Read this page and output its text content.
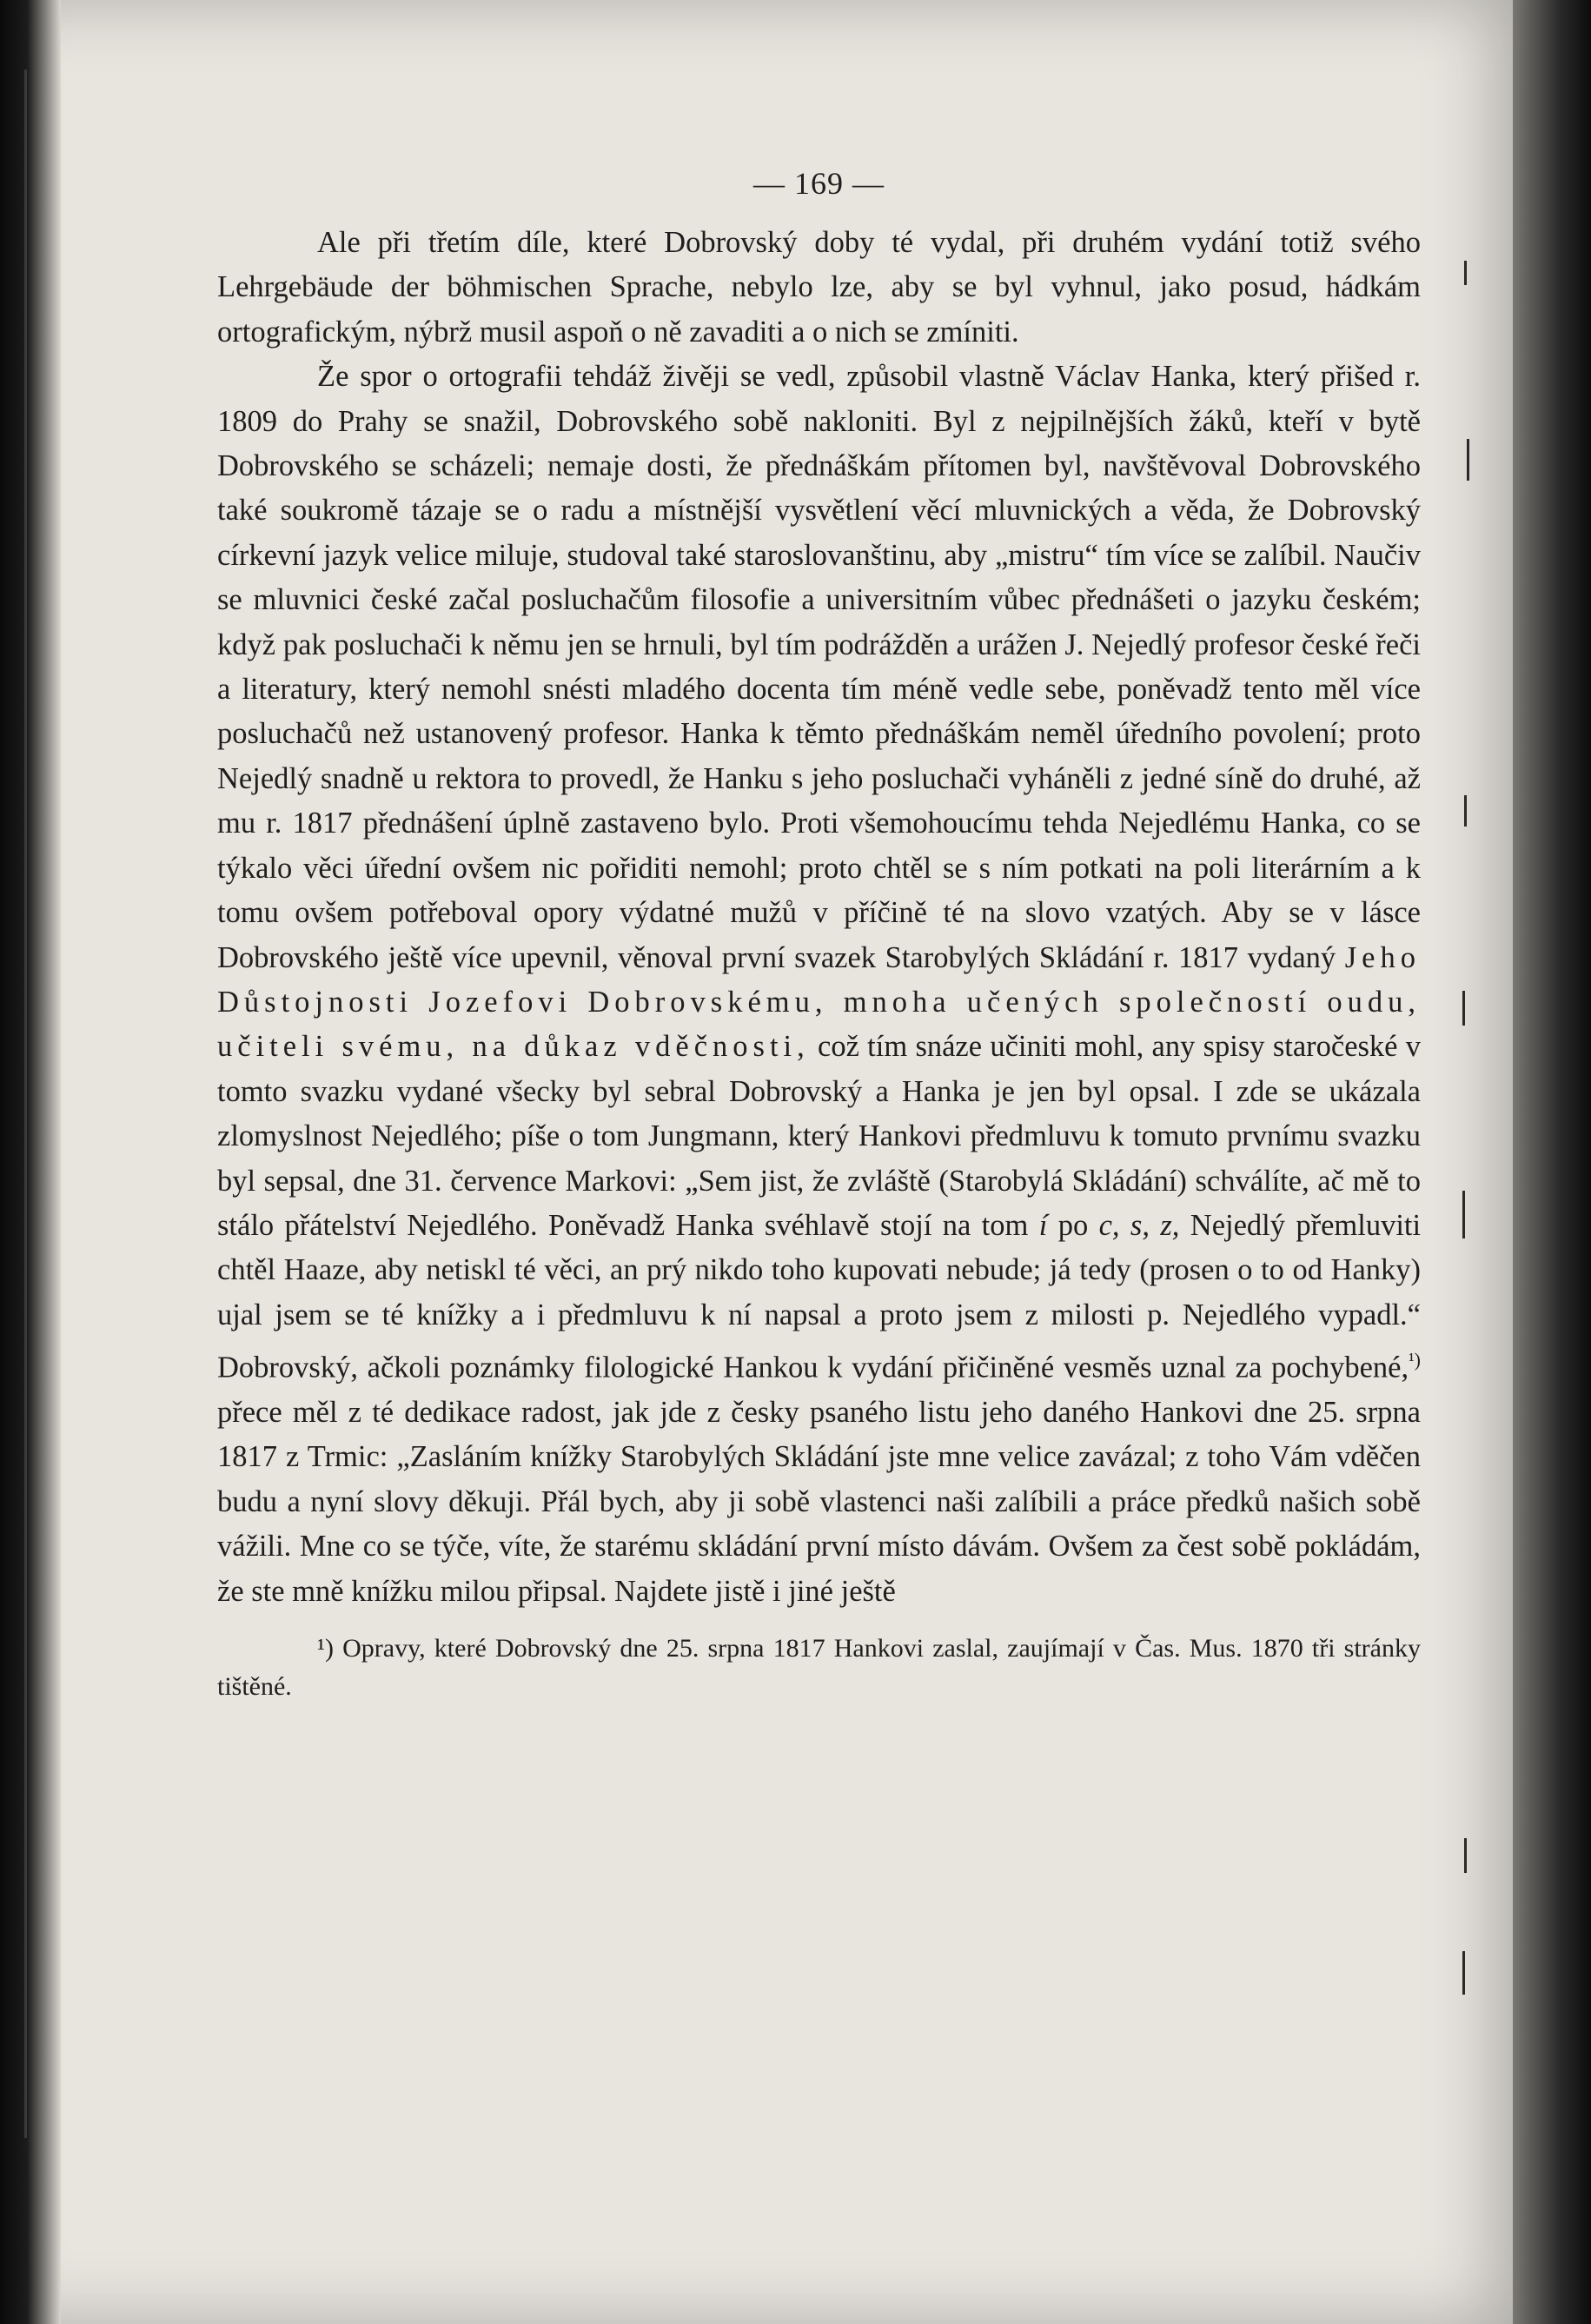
— 169 —

Ale při třetím díle, které Dobrovský doby té vydal, při druhém vydání totiž svého Lehrgebäude der böhmischen Sprache, nebylo lze, aby se byl vyhnul, jako posud, hádkám ortografickým, nýbrž musil aspoň o ně zavaditi a o nich se zmíniti.

Že spor o ortografii tehdáž živěji se vedl, způsobil vlastně Václav Hanka, který přišed r. 1809 do Prahy se snažil, Dobrovského sobě nakloniti. Byl z nejpilnějších žáků, kteří v bytě Dobrovského se scházeli; nemaje dosti, že přednáškám přítomen byl, navštěvoval Dobrovského také soukromě tázaje se o radu a místnější vysvětlení věcí mluvnických a věda, že Dobrovský církevní jazyk velice miluje, studoval také staroslovanštinu, aby „mistru“ tím více se zalíbil. Naučiv se mluvnici české začal posluchačům filosofie a universitním vůbec přednášeti o jazyku českém; když pak posluchači k němu jen se hrnuli, byl tím podrážděn a urážen J. Nejedlý profesor české řeči a literatury, který nemohl snésti mladého docenta tím méně vedle sebe, poněvadž tento měl více posluchačů než ustanovený profesor. Hanka k těmto přednáškám neměl úředního povolení; proto Nejedlý snadně u rektora to provedl, že Hanku s jeho posluchači vyháněli z jedné síně do druhé, až mu r. 1817 přednášení úplně zastaveno bylo. Proti všemohoucímu tehda Nejedlému Hanka, co se týkalo věci úřední ovšem nic pořiditi nemohl; proto chtěl se s ním potkati na poli literárním a k tomu ovšem potřeboval opory výdatné mužů v příčině té na slovo vzatých. Aby se v lásce Dobrovského ještě více upevnil, věnoval první svazek Starobylých Skládání r. 1817 vydaný Jeho Důstojnosti Jozefovi Dobrovskému, mnoha učených společností oudu, učiteli svému, na důkaz vděčnosti, což tím snáze učiniti mohl, any spisy staročeské v tomto svazku vydané všecky byl sebral Dobrovský a Hanka je jen byl opsal. I zde se ukázala zlomyslnost Nejedlého; píše o tom Jungmann, který Hankovi předmluvu k tomuto prvnímu svazku byl sepsal, dne 31. července Markovi: „Sem jist, že zvláště (Starobylá Skládání) schválíte, ač mě to stálo přátelství Nejedlého. Poněvadž Hanka svéhlavě stojí na tom í po c, s, z, Nejedlý přemluviti chtěl Haaze, aby netiskl té věci, an prý nikdo toho kupovati nebude; já tedy (prosen o to od Hanky) ujal jsem se té knížky a i předmluvu k ní napsal a proto jsem z milosti p. Nejedlého vypadl.“ Dobrovský, ačkoli poznámky filologické Hankou k vydání přičiněné vesměs uznal za pochybené,$^{^1)}$ přece měl z té dedikace radost, jak jde z česky psaného listu jeho daného Hankovi dne 25. srpna 1817 z Trmic: „Zasláním knížky Starobylých Skládání jste mne velice zavázal; z toho Vám vděčen budu a nyní slovy děkuji. Přál bych, aby ji sobě vlastenci naši zalíbili a práce předků našich sobě vážili. Mne co se týče, víte, že starému skládání první místo dávám. Ovšem za čest sobě pokládám, že ste mně knížku milou připsal. Najdete jistě i jiné ještě

¹) Opravy, které Dobrovský dne 25. srpna 1817 Hankovi zaslal, zaujímají v Čas. Mus. 1870 tři stránky tištěné.
